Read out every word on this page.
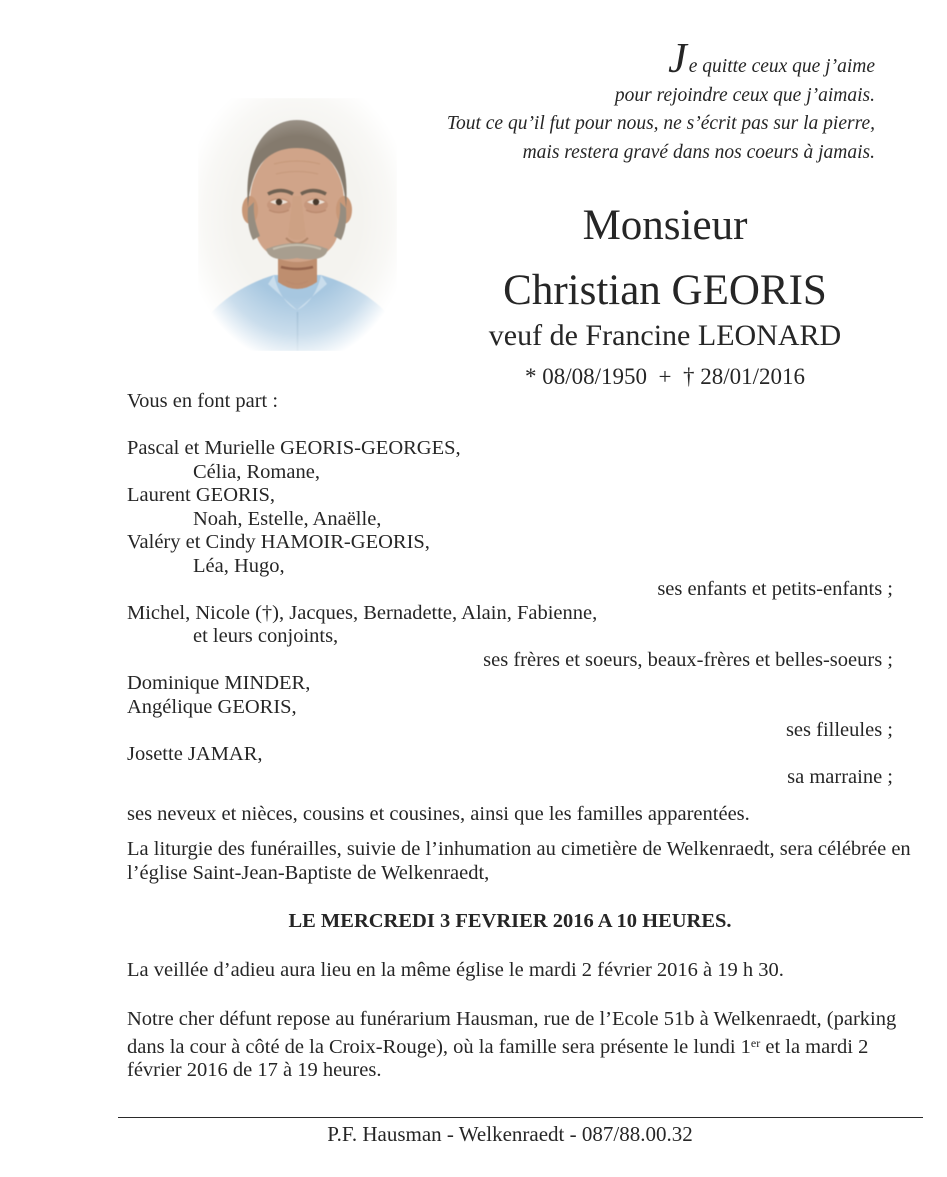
Je quitte ceux que j’aime
pour rejoindre ceux que j’aimais.
Tout ce qu’il fut pour nous, ne s’écrit pas sur la pierre,
mais restera gravé dans nos coeurs à jamais.
Monsieur
Christian GEORIS
veuf de Francine LEONARD
* 08/08/1950  +  † 28/01/2016
Vous en font part :
Pascal et Murielle GEORIS-GEORGES,
Célia, Romane,
Laurent GEORIS,
Noah, Estelle, Anaëlle,
Valéry et Cindy HAMOIR-GEORIS,
Léa, Hugo,
ses enfants et petits-enfants ;
Michel, Nicole (†), Jacques, Bernadette, Alain, Fabienne,
et leurs conjoints,
ses frères et soeurs, beaux-frères et belles-soeurs ;
Dominique MINDER,
Angélique GEORIS,
ses filleules ;
Josette JAMAR,
sa marraine ;
ses neveux et nièces, cousins et cousines, ainsi que les familles apparentées.
La liturgie des funérailles, suivie de l’inhumation au cimetière de Welkenraedt, sera célébrée en
l’église Saint-Jean-Baptiste de Welkenraedt,
LE MERCREDI 3 FEVRIER 2016 A 10 HEURES.
La veillée d’adieu aura lieu en la même église le mardi 2 février 2016 à 19 h 30.
Notre cher défunt repose au funérarium Hausman, rue de l’Ecole 51b à Welkenraedt, (parking
dans la cour à côté de la Croix-Rouge), où la famille sera présente le lundi 1er et la mardi 2
février 2016 de 17 à 19 heures.
P.F. Hausman - Welkenraedt - 087/88.00.32
